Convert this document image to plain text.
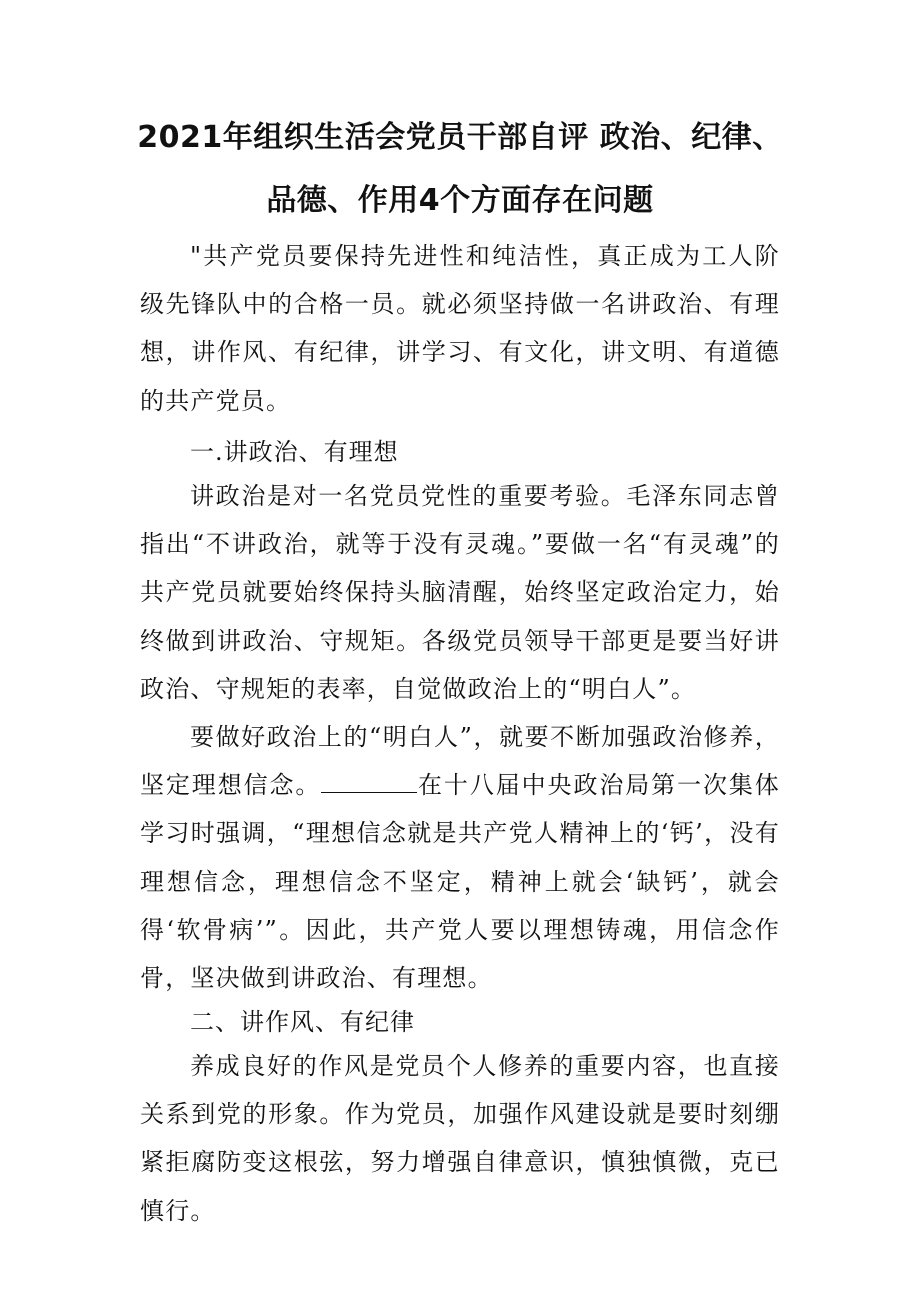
2021年组织生活会党员干部自评 政治、纪律、
品德、作用4个方面存在问题

"共产党员要保持先进性和纯洁性，真正成为工人阶级先锋队中的合格一员。就必须坚持做一名讲政治、有理想，讲作风、有纪律，讲学习、有文化，讲文明、有道德的共产党员。

一.讲政治、有理想

讲政治是对一名党员党性的重要考验。毛泽东同志曾指出“不讲政治，就等于没有灵魂。”要做一名“有灵魂”的共产党员就要始终保持头脑清醒，始终坚定政治定力，始终做到讲政治、守规矩。各级党员领导干部更是要当好讲政治、守规矩的表率，自觉做政治上的“明白人”。

要做好政治上的“明白人”，就要不断加强政治修养，坚定理想信念。	在十八届中央政治局第一次集体学习时强调，“理想信念就是共产党人精神上的‘钙’，没有理想信念，理想信念不坚定，精神上就会‘缺钙’，就会得‘软骨病’”。因此，共产党人要以理想铸魂，用信念作骨，坚决做到讲政治、有理想。

二、讲作风、有纪律

养成良好的作风是党员个人修养的重要内容，也直接关系到党的形象。作为党员，加强作风建设就是要时刻绷紧拒腐防变这根弦，努力增强自律意识，慎独慎微，克已慎行。
